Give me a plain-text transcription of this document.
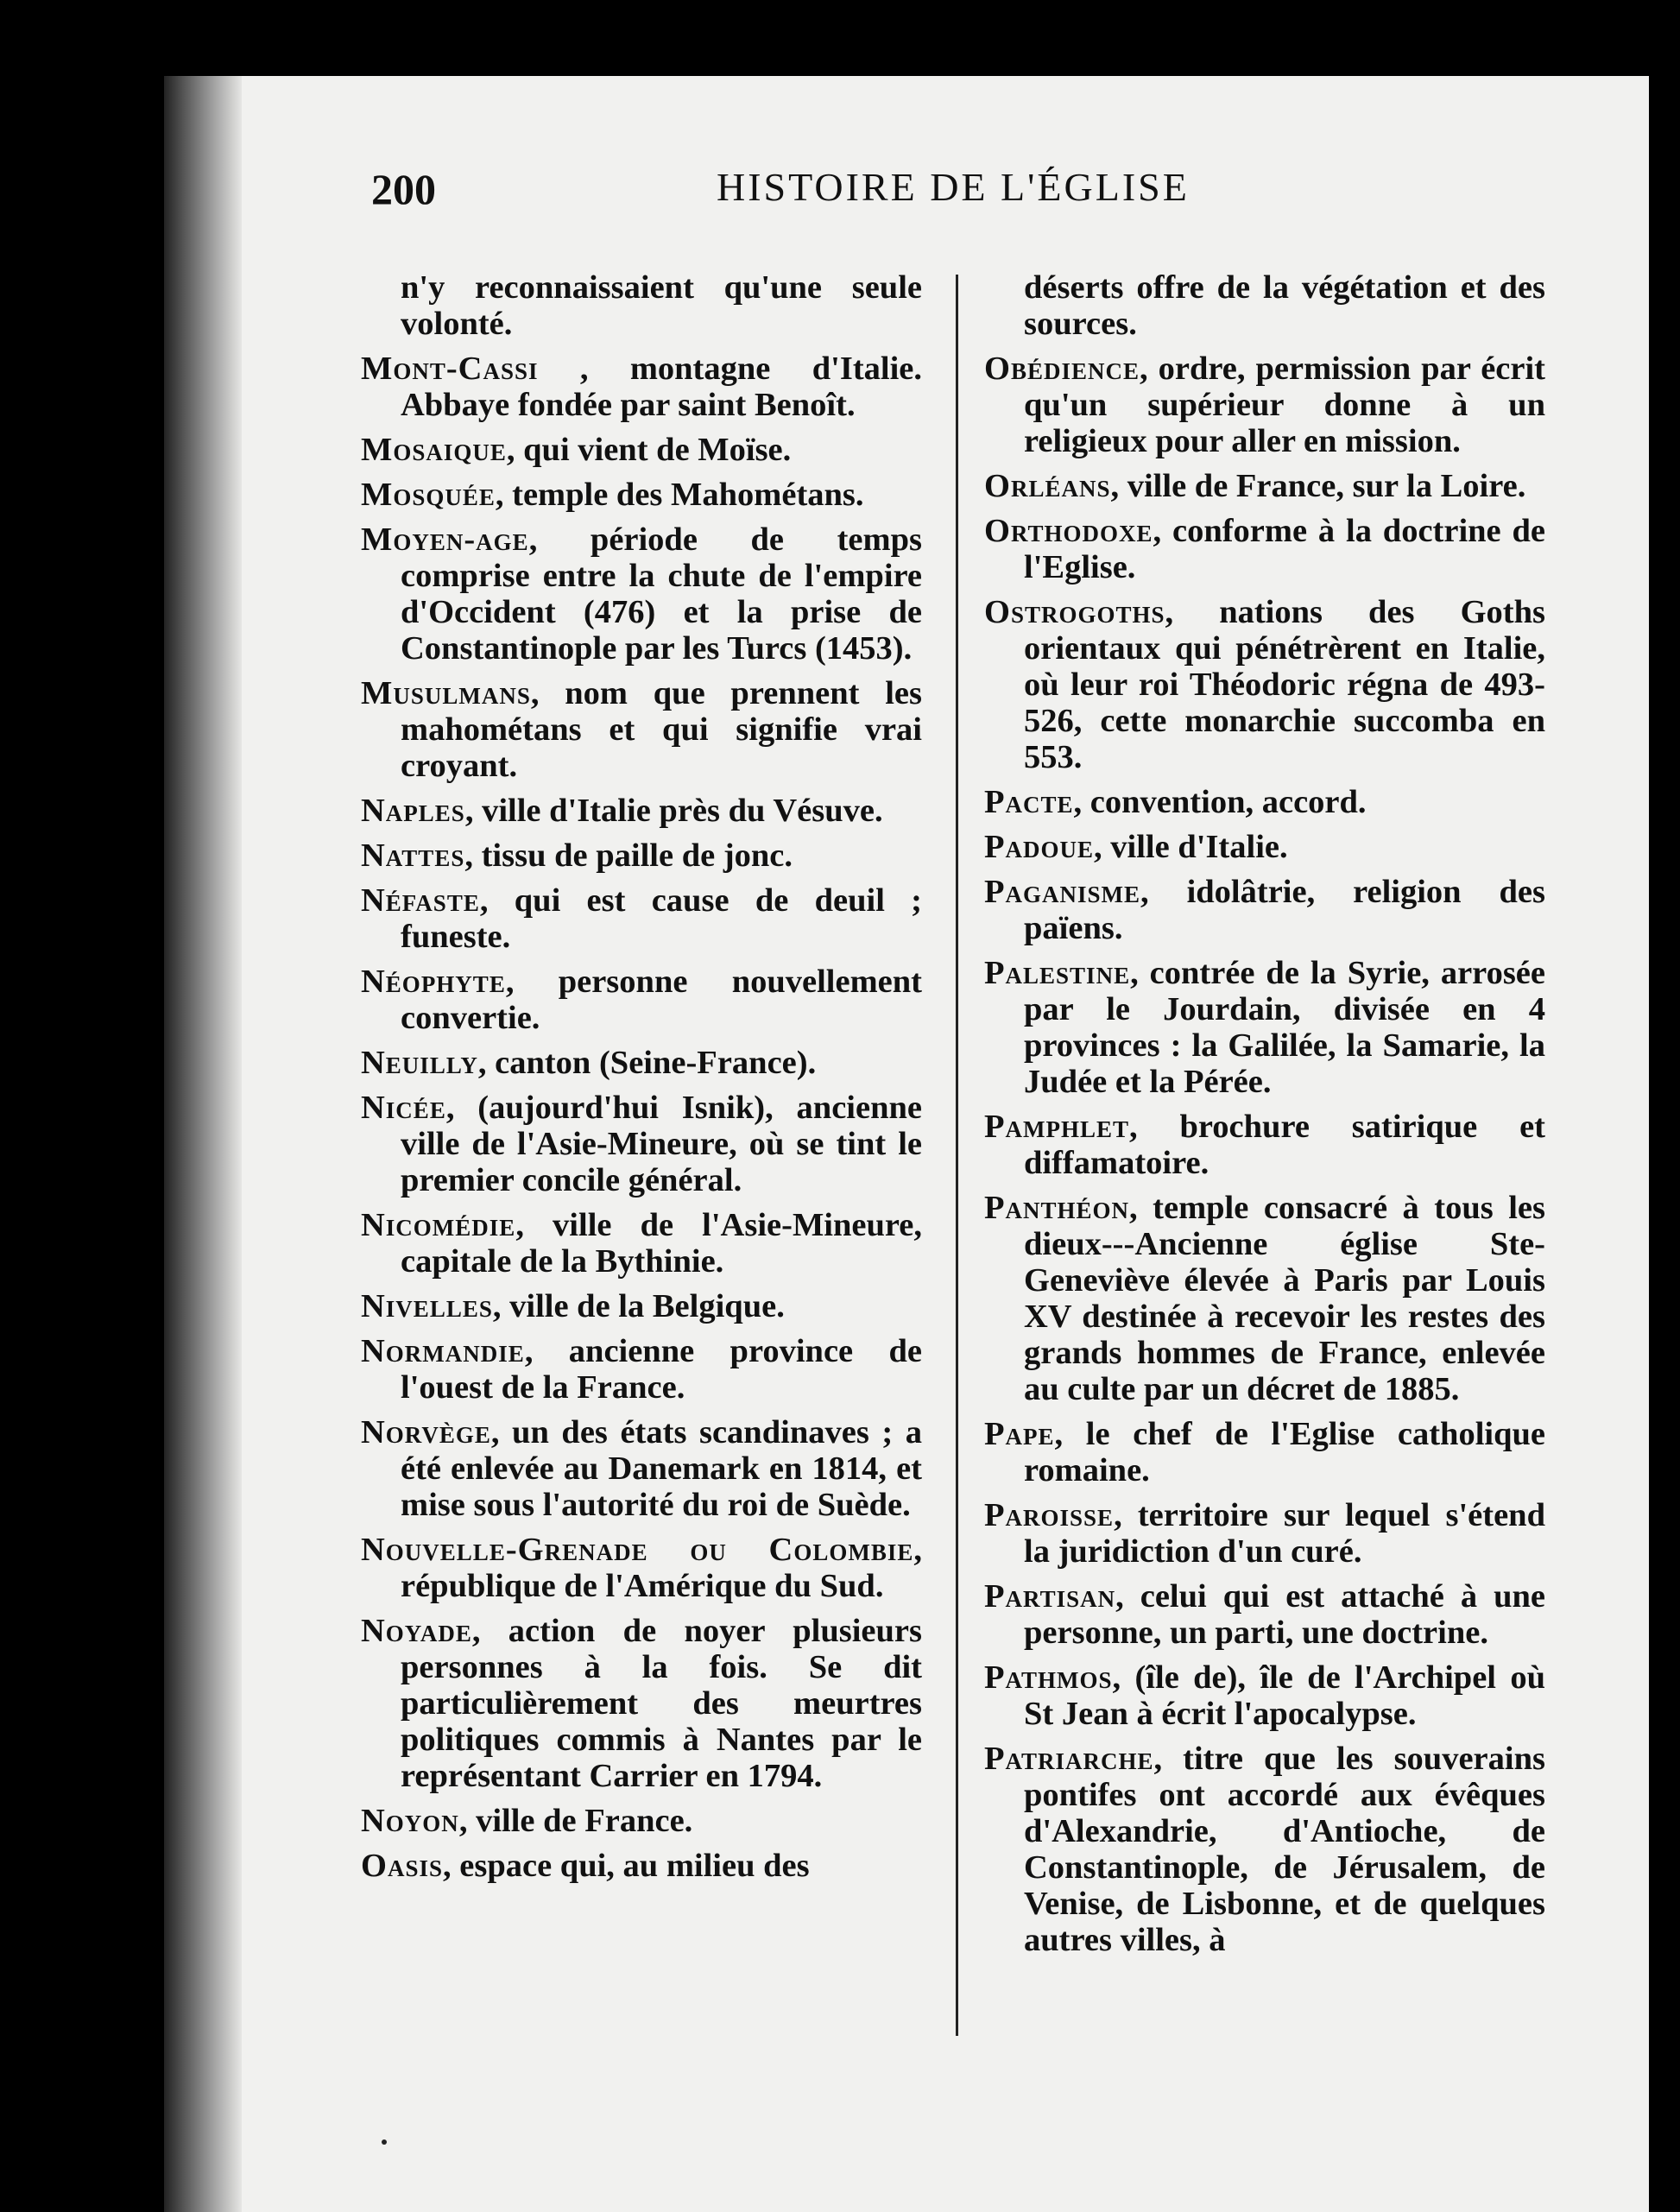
200	HISTOIRE DE L'ÉGLISE

n'y reconnaissaient qu'une seule volonté.

Mont-Cassi , montagne d'Italie. Abbaye fondée par saint Benoît.

Mosaique, qui vient de Moïse.

Mosquée, temple des Mahométans.

Moyen-age, période de temps comprise entre la chute de l'empire d'Occident (476) et la prise de Constantinople par les Turcs (1453).

Musulmans, nom que prennent les mahométans et qui signifie vrai croyant.

Naples, ville d'Italie près du Vésuve.

Nattes, tissu de paille de jonc.

Néfaste, qui est cause de deuil ; funeste.

Néophyte, personne nouvellement convertie.

Neuilly, canton (Seine-France).

Nicée, (aujourd'hui Isnik), ancienne ville de l'Asie-Mineure, où se tint le premier concile général.

Nicomédie, ville de l'Asie-Mineure, capitale de la Bythinie.

Nivelles, ville de la Belgique.

Normandie, ancienne province de l'ouest de la France.

Norvège, un des états scandinaves ; a été enlevée au Danemark en 1814, et mise sous l'autorité du roi de Suède.

Nouvelle-Grenade ou Colombie, république de l'Amérique du Sud.

Noyade, action de noyer plusieurs personnes à la fois. Se dit particulièrement des meurtres politiques commis à Nantes par le représentant Carrier en 1794.

Noyon, ville de France.

Oasis, espace qui, au milieu des

déserts offre de la végétation et des sources.

Obédience, ordre, permission par écrit qu'un supérieur donne à un religieux pour aller en mission.

Orléans, ville de France, sur la Loire.

Orthodoxe, conforme à la doctrine de l'Eglise.

Ostrogoths, nations des Goths orientaux qui pénétrèrent en Italie, où leur roi Théodoric régna de 493-526, cette monarchie succomba en 553.

Pacte, convention, accord.

Padoue, ville d'Italie.

Paganisme, idolâtrie, religion des païens.

Palestine, contrée de la Syrie, arrosée par le Jourdain, divisée en 4 provinces : la Galilée, la Samarie, la Judée et la Pérée.

Pamphlet, brochure satirique et diffamatoire.

Panthéon, temple consacré à tous les dieux---Ancienne église Ste-Geneviève élevée à Paris par Louis XV destinée à recevoir les restes des grands hommes de France, enlevée au culte par un décret de 1885.

Pape, le chef de l'Eglise catholique romaine.

Paroisse, territoire sur lequel s'étend la juridiction d'un curé.

Partisan, celui qui est attaché à une personne, un parti, une doctrine.

Pathmos, (île de), île de l'Archipel où St Jean à écrit l'apocalypse.

Patriarche, titre que les souverains pontifes ont accordé aux évêques d'Alexandrie, d'Antioche, de Constantinople, de Jérusalem, de Venise, de Lisbonne, et de quelques autres villes, à
